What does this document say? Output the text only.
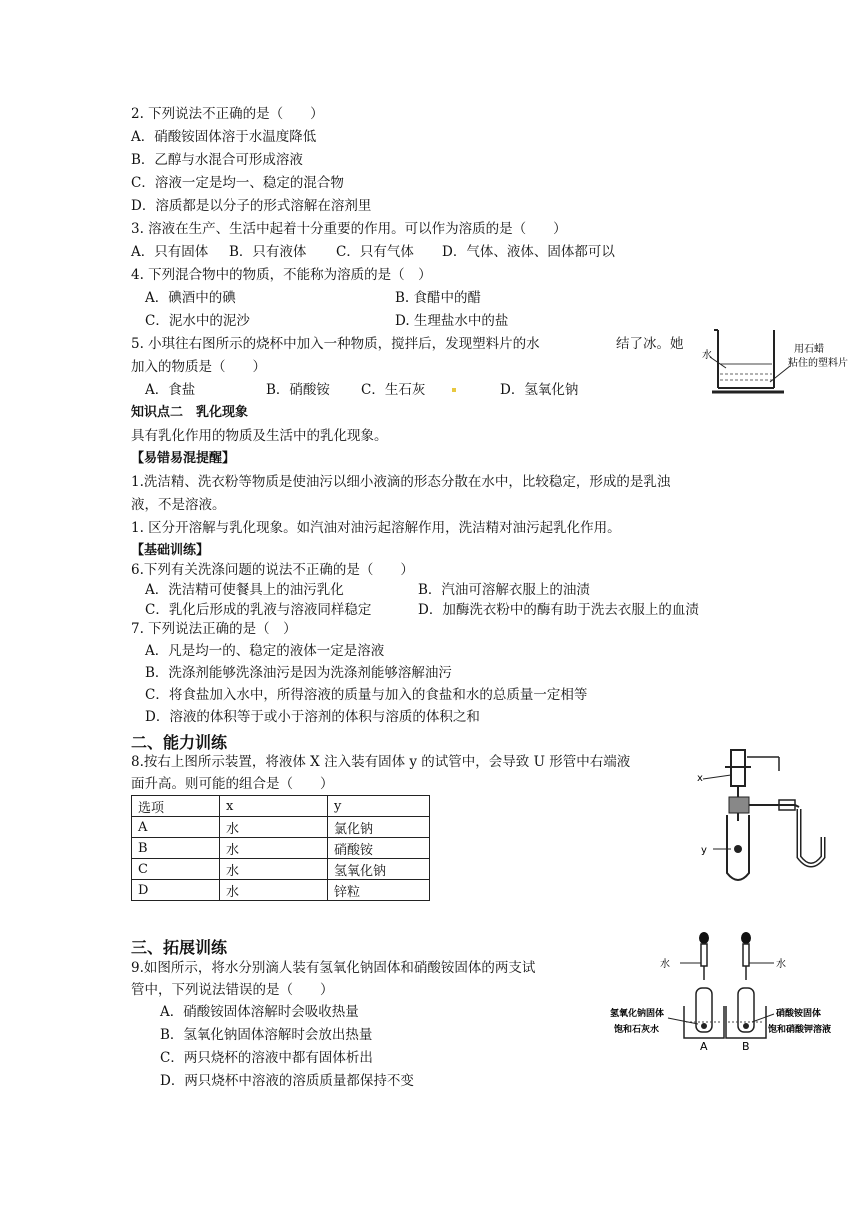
2. 下列说法不正确的是（　　）
A．硝酸铵固体溶于水温度降低
B．乙醇与水混合可形成溶液
C．溶液一定是均一、稳定的混合物
D．溶质都是以分子的形式溶解在溶剂里
3. 溶液在生产、生活中起着十分重要的作用。可以作为溶质的是（　　）
A．只有固体 B．只有液体 C．只有气体 D．气体、液体、固体都可以
4. 下列混合物中的物质，不能称为溶质的是（　）
A．碘酒中的碘	B. 食醋中的醋
C．泥水中的泥沙	D. 生理盐水中的盐
5. 小琪往右图所示的烧杯中加入一种物质，搅拌后，发现塑料片的水	结了冰。她
加入的物质是（　　）
A．食盐	B．硝酸铵 C．生石灰	D．氢氧化钠
水
用石蜡
粘住的塑料片
知识点二　乳化现象
具有乳化作用的物质及生活中的乳化现象。
【易错易混提醒】
1.洗洁精、洗衣粉等物质是使油污以细小液滴的形态分散在水中，比较稳定，形成的是乳浊
液，不是溶液。
1. 区分开溶解与乳化现象。如汽油对油污起溶解作用，洗洁精对油污起乳化作用。
【基础训练】
6.下列有关洗涤问题的说法不正确的是（　　）
A．洗洁精可使餐具上的油污乳化	B．汽油可溶解衣服上的油渍
C．乳化后形成的乳液与溶液同样稳定	D．加酶洗衣粉中的酶有助于洗去衣服上的血渍
7. 下列说法正确的是（　）
A．凡是均一的、稳定的液体一定是溶液
B．洗涤剂能够洗涤油污是因为洗涤剂能够溶解油污
C．将食盐加入水中，所得溶液的质量与加入的食盐和水的总质量一定相等
D．溶液的体积等于或小于溶剂的体积与溶质的体积之和
二、能力训练
8.按右上图所示装置，将液体 X 注入装有固体 y 的试管中，会导致 U 形管中右端液
面升高。则可能的组合是（　　）
选项	x	y
A	水	氯化钠
B	水	硝酸铵
C	水	氢氧化钠
D	水	锌粒
x
y
三、拓展训练
9.如图所示，将水分别滴人装有氢氧化钠固体和硝酸铵固体的两支试
管中，下列说法错误的是（　　）
A．硝酸铵固体溶解时会吸收热量
B．氢氧化钠固体溶解时会放出热量
C．两只烧杯的溶液中都有固体析出
D．两只烧杯中溶液的溶质质量都保持不变
水
氢氧化钠固体
饱和石灰水
A
水
硝酸铵固体
饱和硝酸钾溶液
B
